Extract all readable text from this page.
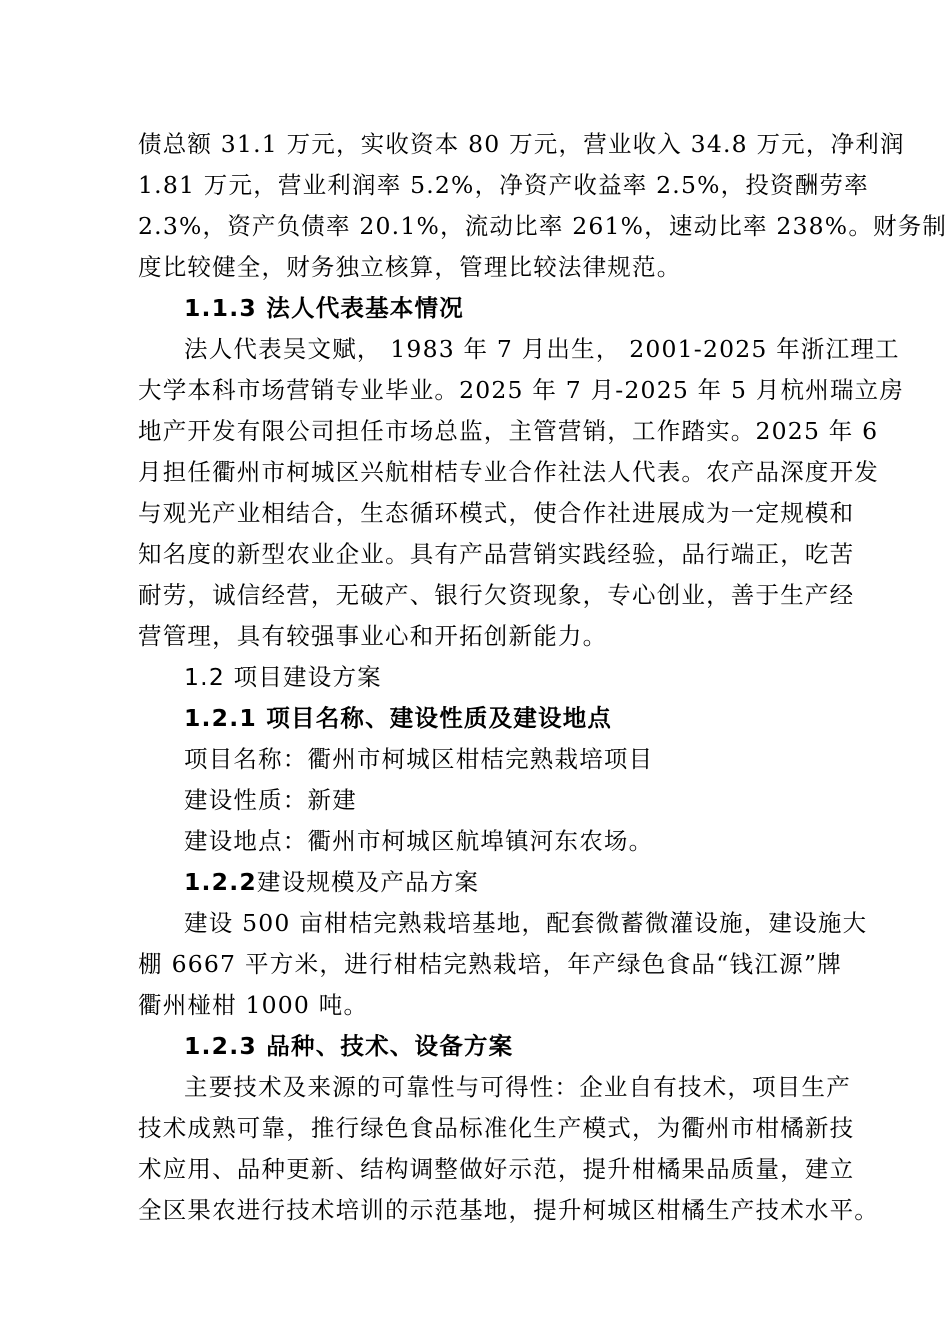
债总额 31.1 万元，实收资本 80 万元，营业收入 34.8 万元，净利润
1.81 万元，营业利润率 5.2%，净资产收益率 2.5%，投资酬劳率
2.3%，资产负债率 20.1%，流动比率 261%，速动比率 238%。财务制
度比较健全，财务独立核算，管理比较法律规范。
1.1.3 法人代表基本情况
法人代表吴文赋， 1983 年 7 月出生， 2001-2025 年浙江理工
大学本科市场营销专业毕业。2025 年 7 月-2025 年 5 月杭州瑞立房
地产开发有限公司担任市场总监，主管营销，工作踏实。2025 年 6
月担任衢州市柯城区兴航柑桔专业合作社法人代表。农产品深度开发
与观光产业相结合，生态循环模式，使合作社进展成为一定规模和
知名度的新型农业企业。具有产品营销实践经验，品行端正，吃苦
耐劳，诚信经营，无破产、银行欠资现象，专心创业，善于生产经
营管理，具有较强事业心和开拓创新能力。
1.2 项目建设方案
1.2.1 项目名称、建设性质及建设地点
项目名称：衢州市柯城区柑桔完熟栽培项目
建设性质：新建
建设地点：衢州市柯城区航埠镇河东农场。
1.2.2建设规模及产品方案
建设 500 亩柑桔完熟栽培基地，配套微蓄微灌设施，建设施大
棚 6667 平方米，进行柑桔完熟栽培，年产绿色食品“钱江源”牌
衢州椪柑 1000 吨。
1.2.3 品种、技术、设备方案
主要技术及来源的可靠性与可得性：企业自有技术，项目生产
技术成熟可靠，推行绿色食品标准化生产模式，为衢州市柑橘新技
术应用、品种更新、结构调整做好示范，提升柑橘果品质量，建立
全区果农进行技术培训的示范基地，提升柯城区柑橘生产技术水平。
